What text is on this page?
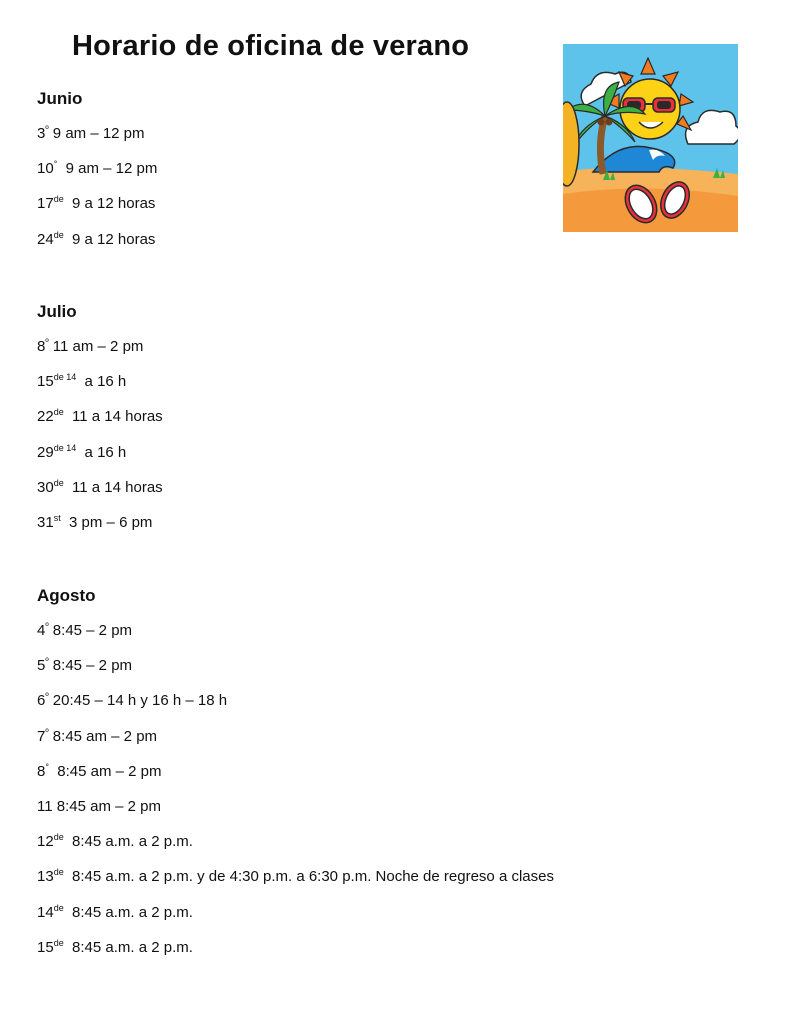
Horario de oficina de verano
Junio
$3^º$ 9 am – 12 pm
10°  9 am – 12 pm
17de  9 a 12 horas
24de  9 a 12 horas
Julio
$8^º$ 11 am – 2 pm
$15^{de 14}$  a 16 h
22de  11 a 14 horas
$29^{de 14}$  a 16 h
30de  11 a 14 horas
31st  3 pm – 6 pm
Agosto
$4^º$ 8:45 – 2 pm
$5^º$ 8:45 – 2 pm
$6^º$ 20:45 – 14 h y 16 h – 18 h
$7^º$ 8:45 am – 2 pm
8°  8:45 am – 2 pm
11 8:45 am – 2 pm
12de  8:45 a.m. a 2 p.m.
13de  8:45 a.m. a 2 p.m. y de 4:30 p.m. a 6:30 p.m. Noche de regreso a clases
14de  8:45 a.m. a 2 p.m.
15de  8:45 a.m. a 2 p.m.
